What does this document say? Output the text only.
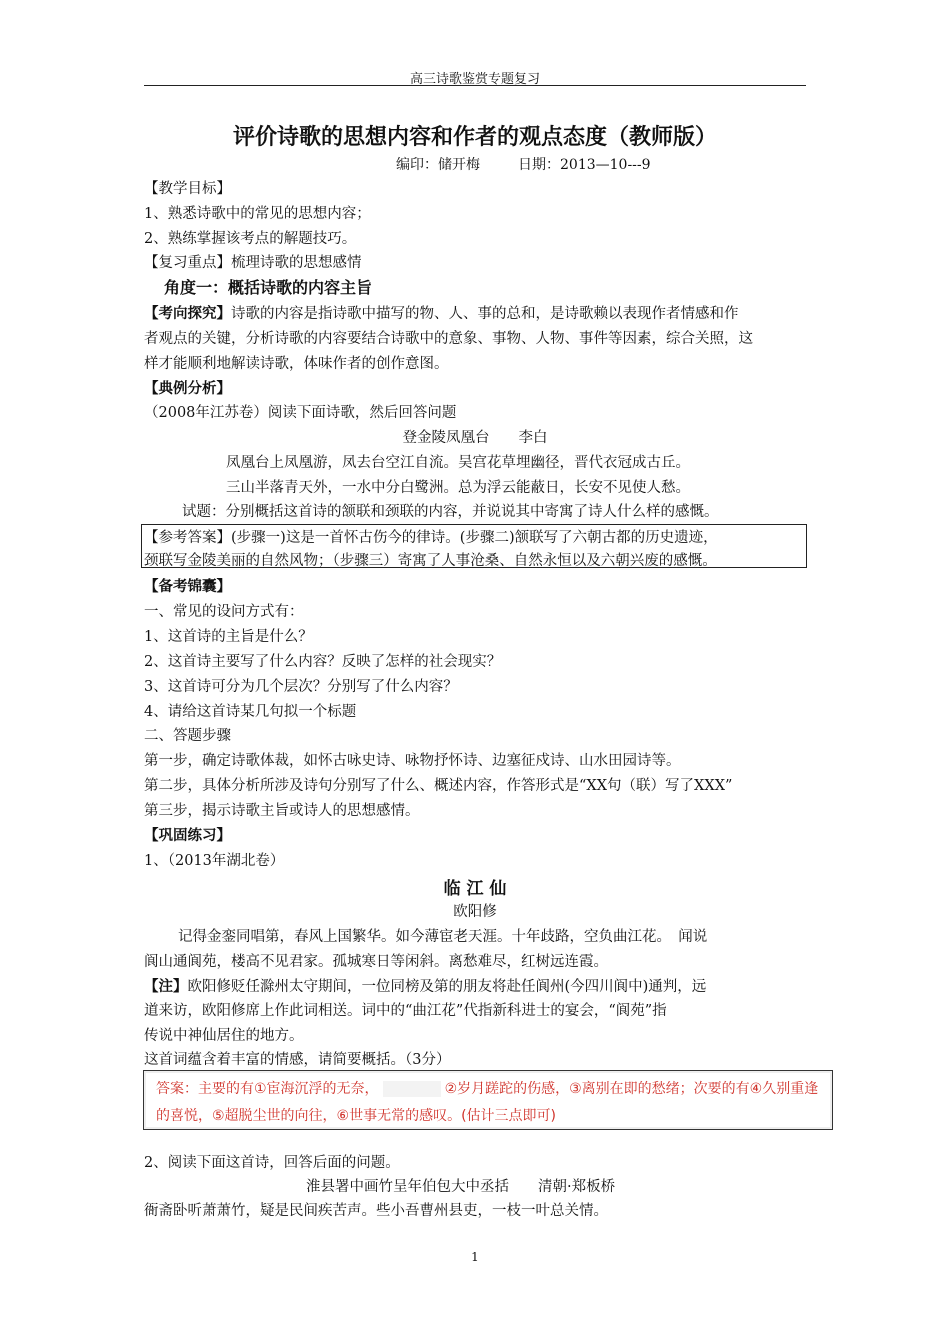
高三诗歌鉴赏专题复习
评价诗歌的思想内容和作者的观点态度（教师版）
编印：储开梅	日期：2013—10---9
【教学目标】
1、熟悉诗歌中的常见的思想内容；
2、熟练掌握该考点的解题技巧。
【复习重点】梳理诗歌的思想感情
角度一：概括诗歌的内容主旨
【考向探究】诗歌的内容是指诗歌中描写的物、人、事的总和，是诗歌赖以表现作者情感和作
者观点的关键，分析诗歌的内容要结合诗歌中的意象、事物、人物、事件等因素，综合关照，这
样才能顺利地解读诗歌，体味作者的创作意图。
【典例分析】
（2008年江苏卷）阅读下面诗歌，然后回答问题
登金陵凤凰台　　李白
凤凰台上凤凰游，凤去台空江自流。吴宫花草埋幽径，晋代衣冠成古丘。
三山半落青天外，一水中分白鹭洲。总为浮云能蔽日，长安不见使人愁。
试题：分别概括这首诗的颔联和颈联的内容，并说说其中寄寓了诗人什么样的感慨。
【参考答案】(步骤一)这是一首怀古伤今的律诗。(步骤二)颔联写了六朝古都的历史遗迹，
颈联写金陵美丽的自然风物；（步骤三）寄寓了人事沧桑、自然永恒以及六朝兴废的感慨。
【备考锦囊】
一、常见的设问方式有：
1、这首诗的主旨是什么？
2、这首诗主要写了什么内容？反映了怎样的社会现实？
3、这首诗可分为几个层次？分别写了什么内容？
4、请给这首诗某几句拟一个标题
二、答题步骤
第一步，确定诗歌体裁，如怀古咏史诗、咏物抒怀诗、边塞征戍诗、山水田园诗等。
第二步，具体分析所涉及诗句分别写了什么、概述内容，作答形式是“XX句（联）写了XXX”
第三步，揭示诗歌主旨或诗人的思想感情。
【巩固练习】
1、（2013年湖北卷）
临 江 仙
欧阳修
记得金銮同唱第，春风上国繁华。如今薄宦老天涯。十年歧路，空负曲江花。　闻说
阆山通阆苑，楼高不见君家。孤城寒日等闲斜。离愁难尽，红树远连霞。
【注】欧阳修贬任滁州太守期间，一位同榜及第的朋友将赴任阆州(今四川阆中)通判，远
道来访，欧阳修席上作此词相送。词中的“曲江花”代指新科进士的宴会，“阆苑”指
传说中神仙居住的地方。
这首词蕴含着丰富的情感，请简要概括。（3分）
答案：主要的有①宦海沉浮的无奈，	②岁月蹉跎的伤感，③离别在即的愁绪；次要的有④久别重逢
的喜悦，⑤超脱尘世的向往，⑥世事无常的感叹。(估计三点即可)
2、阅读下面这首诗，回答后面的问题。
淮县署中画竹呈年伯包大中丞括　　清朝·郑板桥
衙斋卧听萧萧竹，疑是民间疾苦声。些小吾曹州县吏，一枝一叶总关情。
1
